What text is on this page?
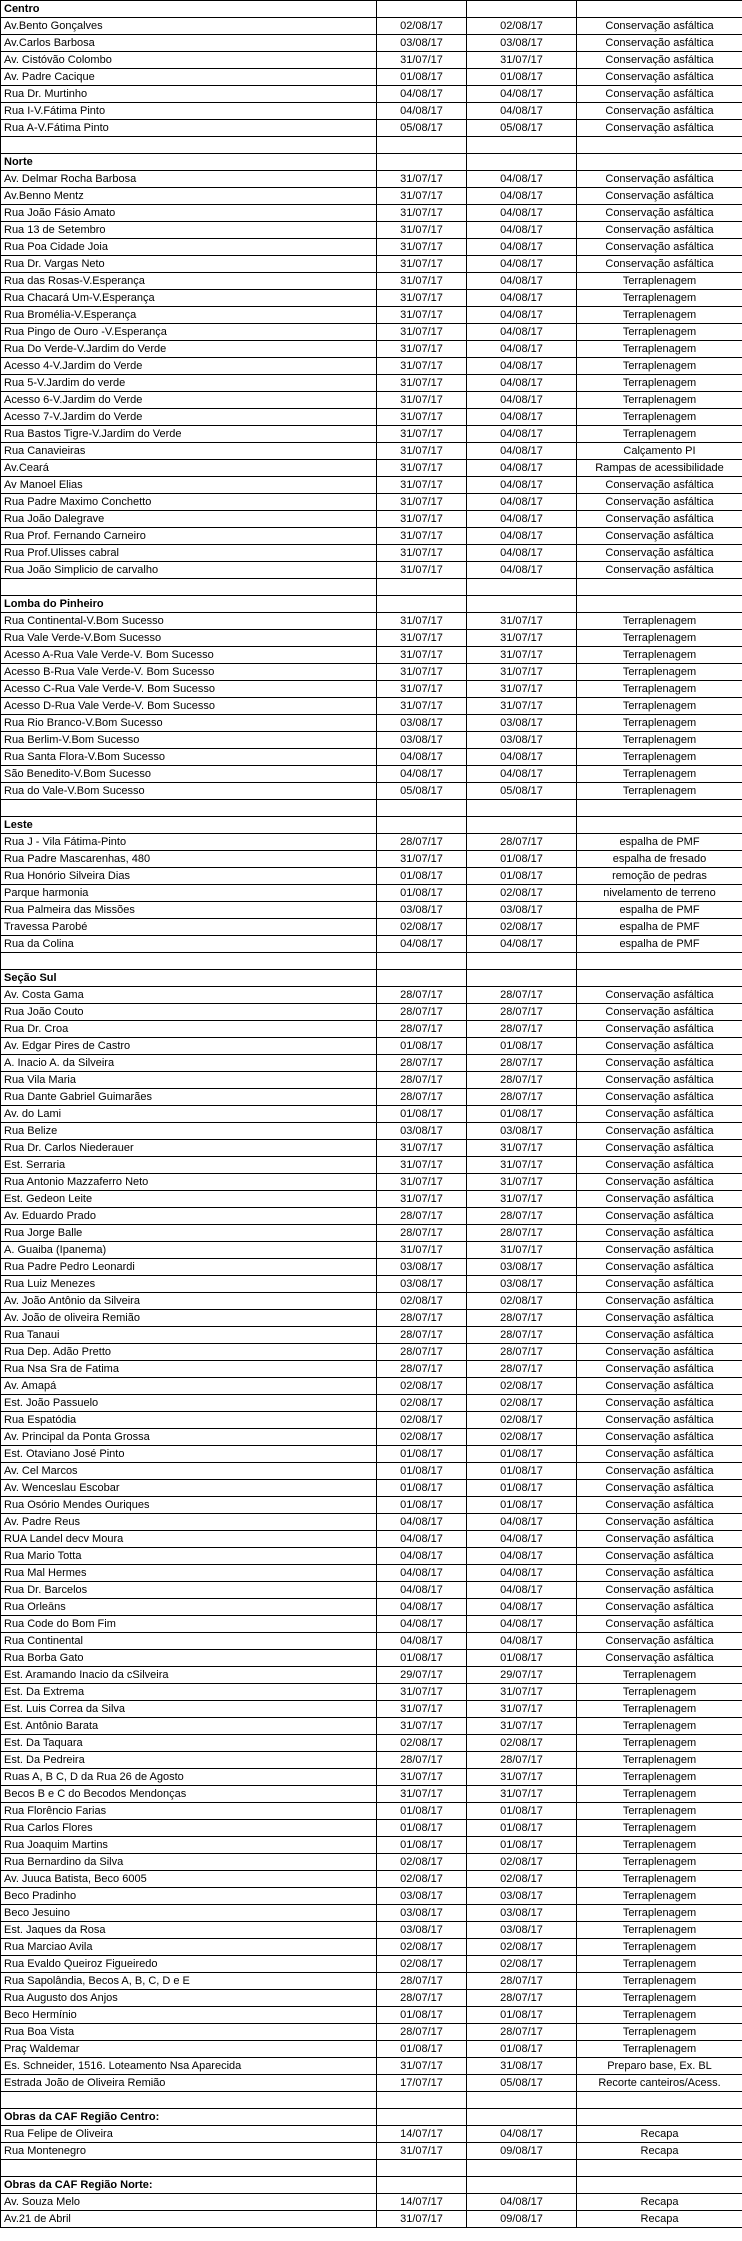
Centro			
Av.Bento Gonçalves	02/08/17	02/08/17	Conservação asfáltica
Av.Carlos Barbosa	03/08/17	03/08/17	Conservação asfáltica
Av. Cistóvão Colombo	31/07/17	31/07/17	Conservação asfáltica
Av. Padre Cacique	01/08/17	01/08/17	Conservação asfáltica
Rua Dr. Murtinho	04/08/17	04/08/17	Conservação asfáltica
Rua I-V.Fátima Pinto	04/08/17	04/08/17	Conservação asfáltica
Rua A-V.Fátima Pinto	05/08/17	05/08/17	Conservação asfáltica

Norte			
Av. Delmar Rocha Barbosa	31/07/17	04/08/17	Conservação asfáltica
Av.Benno Mentz	31/07/17	04/08/17	Conservação asfáltica
Rua João Fásio Amato	31/07/17	04/08/17	Conservação asfáltica
Rua 13 de Setembro	31/07/17	04/08/17	Conservação asfáltica
Rua Poa Cidade Joia	31/07/17	04/08/17	Conservação asfáltica
Rua Dr. Vargas Neto	31/07/17	04/08/17	Conservação asfáltica
Rua das Rosas-V.Esperança	31/07/17	04/08/17	Terraplenagem
Rua Chacará Um-V.Esperança	31/07/17	04/08/17	Terraplenagem
Rua Bromélia-V.Esperança	31/07/17	04/08/17	Terraplenagem
Rua Pingo de Ouro -V.Esperança	31/07/17	04/08/17	Terraplenagem
Rua Do Verde-V.Jardim do Verde	31/07/17	04/08/17	Terraplenagem
Acesso 4-V.Jardim do Verde	31/07/17	04/08/17	Terraplenagem
Rua 5-V.Jardim do verde	31/07/17	04/08/17	Terraplenagem
Acesso 6-V.Jardim do Verde	31/07/17	04/08/17	Terraplenagem
Acesso 7-V.Jardim do Verde	31/07/17	04/08/17	Terraplenagem
Rua Bastos Tigre-V.Jardim do Verde	31/07/17	04/08/17	Terraplenagem
Rua Canavieiras	31/07/17	04/08/17	Calçamento PI
Av.Ceará	31/07/17	04/08/17	Rampas de acessibilidade
Av Manoel Elias	31/07/17	04/08/17	Conservação asfáltica
Rua Padre Maximo Conchetto	31/07/17	04/08/17	Conservação asfáltica
Rua João Dalegrave	31/07/17	04/08/17	Conservação asfáltica
Rua Prof. Fernando Carneiro	31/07/17	04/08/17	Conservação asfáltica
Rua Prof.Ulisses cabral	31/07/17	04/08/17	Conservação asfáltica
Rua João Simplicio de carvalho	31/07/17	04/08/17	Conservação asfáltica

Lomba do Pinheiro			
Rua Continental-V.Bom Sucesso	31/07/17	31/07/17	Terraplenagem
Rua Vale Verde-V.Bom Sucesso	31/07/17	31/07/17	Terraplenagem
Acesso A-Rua Vale Verde-V. Bom Sucesso	31/07/17	31/07/17	Terraplenagem
Acesso B-Rua Vale Verde-V. Bom Sucesso	31/07/17	31/07/17	Terraplenagem
Acesso C-Rua Vale Verde-V. Bom Sucesso	31/07/17	31/07/17	Terraplenagem
Acesso D-Rua Vale Verde-V. Bom Sucesso	31/07/17	31/07/17	Terraplenagem
Rua Rio Branco-V.Bom Sucesso	03/08/17	03/08/17	Terraplenagem
Rua Berlim-V.Bom Sucesso	03/08/17	03/08/17	Terraplenagem
Rua Santa Flora-V.Bom Sucesso	04/08/17	04/08/17	Terraplenagem
São Benedito-V.Bom Sucesso	04/08/17	04/08/17	Terraplenagem
Rua do Vale-V.Bom Sucesso	05/08/17	05/08/17	Terraplenagem

Leste			
Rua J - Vila Fátima-Pinto	28/07/17	28/07/17	espalha de PMF
Rua Padre Mascarenhas, 480	31/07/17	01/08/17	espalha de fresado
Rua Honório Silveira Dias	01/08/17	01/08/17	remoção de pedras
Parque harmonia	01/08/17	02/08/17	nivelamento de terreno
Rua Palmeira das Missões	03/08/17	03/08/17	espalha de PMF
Travessa Parobé	02/08/17	02/08/17	espalha de PMF
Rua da Colina	04/08/17	04/08/17	espalha de PMF

Seção Sul			
Av. Costa Gama	28/07/17	28/07/17	Conservação asfáltica
Rua João Couto	28/07/17	28/07/17	Conservação asfáltica
Rua Dr. Croa	28/07/17	28/07/17	Conservação asfáltica
Av. Edgar Pires de Castro	01/08/17	01/08/17	Conservação asfáltica
A. Inacio A. da Silveira	28/07/17	28/07/17	Conservação asfáltica
Rua Vila Maria	28/07/17	28/07/17	Conservação asfáltica
Rua Dante Gabriel Guimarães	28/07/17	28/07/17	Conservação asfáltica
Av. do Lami	01/08/17	01/08/17	Conservação asfáltica
Rua Belize	03/08/17	03/08/17	Conservação asfáltica
Rua Dr. Carlos Niederauer	31/07/17	31/07/17	Conservação asfáltica
Est. Serraria	31/07/17	31/07/17	Conservação asfáltica
Rua Antonio Mazzaferro Neto	31/07/17	31/07/17	Conservação asfáltica
Est. Gedeon Leite	31/07/17	31/07/17	Conservação asfáltica
Av. Eduardo Prado	28/07/17	28/07/17	Conservação asfáltica
Rua Jorge Balle	28/07/17	28/07/17	Conservação asfáltica
A. Guaiba (Ipanema)	31/07/17	31/07/17	Conservação asfáltica
Rua Padre Pedro Leonardi	03/08/17	03/08/17	Conservação asfáltica
Rua Luiz Menezes	03/08/17	03/08/17	Conservação asfáltica
Av. João Antônio da Silveira	02/08/17	02/08/17	Conservação asfáltica
Av. João de oliveira Remião	28/07/17	28/07/17	Conservação asfáltica
Rua Tanaui	28/07/17	28/07/17	Conservação asfáltica
Rua Dep. Adão Pretto	28/07/17	28/07/17	Conservação asfáltica
Rua Nsa Sra de Fatima	28/07/17	28/07/17	Conservação asfáltica
Av. Amapá	02/08/17	02/08/17	Conservação asfáltica
Est. João Passuelo	02/08/17	02/08/17	Conservação asfáltica
Rua Espatódia	02/08/17	02/08/17	Conservação asfáltica
Av. Principal da Ponta Grossa	02/08/17	02/08/17	Conservação asfáltica
Est. Otaviano José Pinto	01/08/17	01/08/17	Conservação asfáltica
Av. Cel Marcos	01/08/17	01/08/17	Conservação asfáltica
Av. Wenceslau Escobar	01/08/17	01/08/17	Conservação asfáltica
Rua Osório Mendes Ouriques	01/08/17	01/08/17	Conservação asfáltica
Av. Padre Reus	04/08/17	04/08/17	Conservação asfáltica
RUA Landel decv Moura	04/08/17	04/08/17	Conservação asfáltica
Rua Mario Totta	04/08/17	04/08/17	Conservação asfáltica
Rua Mal Hermes	04/08/17	04/08/17	Conservação asfáltica
Rua Dr. Barcelos	04/08/17	04/08/17	Conservação asfáltica
Rua Orleāns	04/08/17	04/08/17	Conservação asfáltica
Rua Code do Bom Fim	04/08/17	04/08/17	Conservação asfáltica
Rua Continental	04/08/17	04/08/17	Conservação asfáltica
Rua Borba Gato	01/08/17	01/08/17	Conservação asfáltica
Est. Aramando Inacio da cSilveira	29/07/17	29/07/17	Terraplenagem
Est. Da Extrema	31/07/17	31/07/17	Terraplenagem
Est. Luis Correa da Silva	31/07/17	31/07/17	Terraplenagem
Est. Antônio Barata	31/07/17	31/07/17	Terraplenagem
Est. Da Taquara	02/08/17	02/08/17	Terraplenagem
Est. Da Pedreira	28/07/17	28/07/17	Terraplenagem
Ruas A, B C, D da Rua 26 de Agosto	31/07/17	31/07/17	Terraplenagem
Becos B e C do Becodos Mendonças	31/07/17	31/07/17	Terraplenagem
Rua Florêncio Farias	01/08/17	01/08/17	Terraplenagem
Rua Carlos Flores	01/08/17	01/08/17	Terraplenagem
Rua Joaquim Martins	01/08/17	01/08/17	Terraplenagem
Rua Bernardino da Silva	02/08/17	02/08/17	Terraplenagem
Av. Juuca Batista, Beco 6005	02/08/17	02/08/17	Terraplenagem
Beco Pradinho	03/08/17	03/08/17	Terraplenagem
Beco Jesuino	03/08/17	03/08/17	Terraplenagem
Est. Jaques da Rosa	03/08/17	03/08/17	Terraplenagem
Rua Marciao Avila	02/08/17	02/08/17	Terraplenagem
Rua Evaldo Queiroz Figueiredo	02/08/17	02/08/17	Terraplenagem
Rua Sapolândia, Becos A, B, C, D e E	28/07/17	28/07/17	Terraplenagem
Rua Augusto dos Anjos	28/07/17	28/07/17	Terraplenagem
Beco Hermínio	01/08/17	01/08/17	Terraplenagem
Rua Boa Vista	28/07/17	28/07/17	Terraplenagem
Praç Waldemar	01/08/17	01/08/17	Terraplenagem
Es. Schneider, 1516. Loteamento Nsa Aparecida	31/07/17	31/08/17	Preparo base, Ex. BL
Estrada João de Oliveira Remião	17/07/17	05/08/17	Recorte canteiros/Acess.

Obras da CAF Região Centro:			
Rua Felipe de Oliveira	14/07/17	04/08/17	Recapa
Rua Montenegro	31/07/17	09/08/17	Recapa

Obras da CAF Região Norte:			
Av. Souza Melo	14/07/17	04/08/17	Recapa
Av.21 de Abril	31/07/17	09/08/17	Recapa
